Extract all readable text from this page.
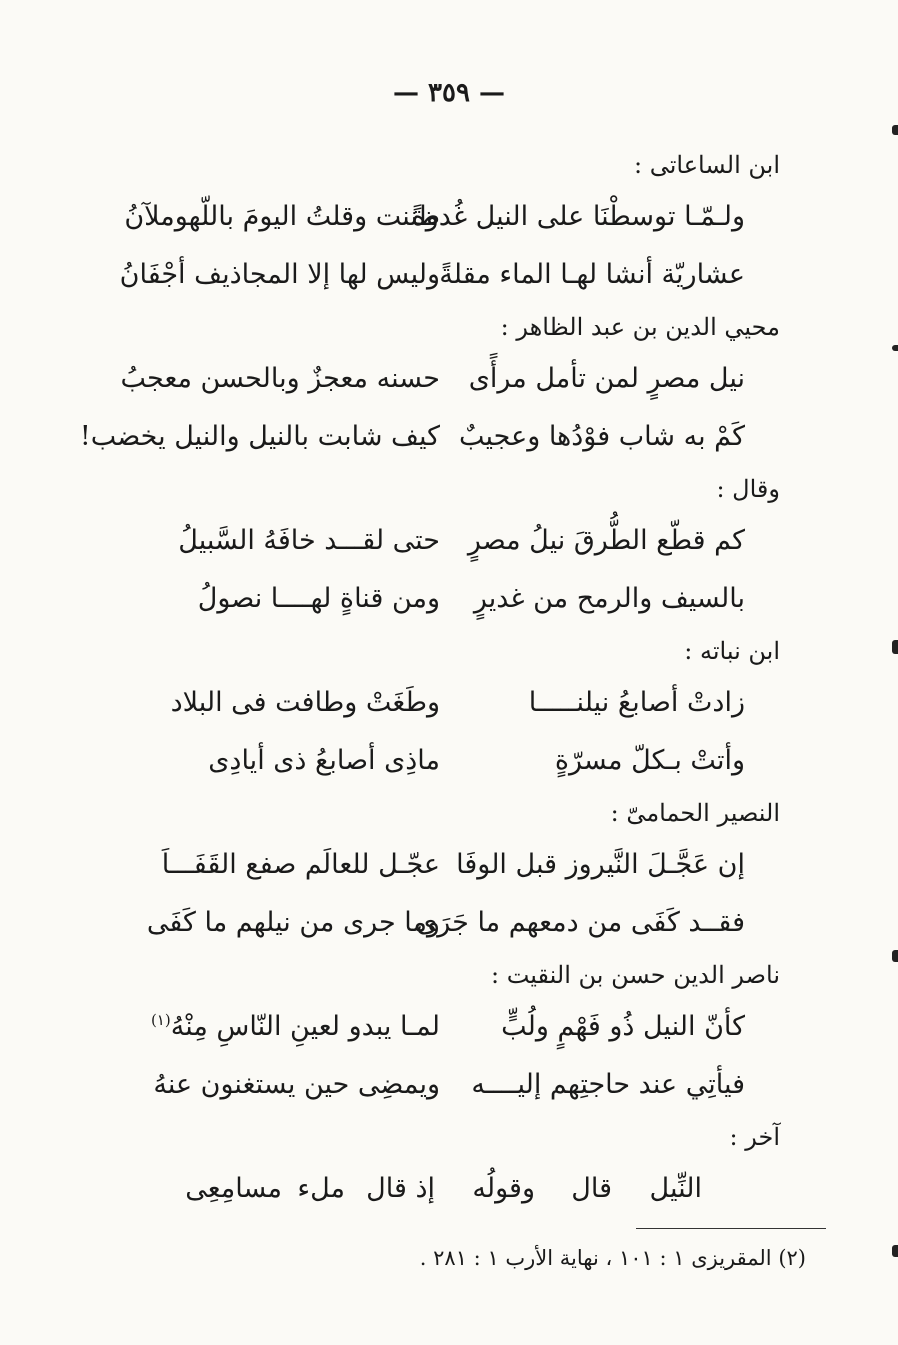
— ٣٥٩ —
ابن الساعاتى :
ولـمّـا توسطْنَا على النيل غُدوةً
ظننت وقلتُ اليومَ باللّهوملآنُ
عشاريّة أنشا لهـا الماء مقلةً
وليس لها إلا المجاذيف أجْفَانُ
محيي الدين بن عبد الظاهر :
نيل مصرٍ لمن تأمل مرأًى
حسنه معجزٌ وبالحسن معجبُ
كَمْ به شاب فوْدُها وعجيبٌ
كيف شابت بالنيل والنيل يخضب!
وقال :
كم قطّع الطُّرقَ نيلُ مصرٍ
حتى لقـــد خافَهُ السَّبيلُ
بالسيف والرمح من غديرٍ
ومن قناةٍ لهــــا نصولُ
ابن نباته :
زادتْ أصابعُ نيلنـــــا
وطَغَتْ وطافت فى البلاد
وأتتْ بـكلّ مسرّةٍ
ماذِى أصابعُ ذى أيادِى
النصير الحمامىّ :
إن عَجَّـلَ النَّيروز قبل الوفَا
عجّـل للعالَم صفع القَفَـــاَ
فقــد كَفَى من دمعهم ما جَرَى
وما جرى من نيلهم ما كَفَى
ناصر الدين حسن بن النقيت :
كأنّ النيل ذُو فَهْمٍ ولُبٍّ
لمـا يبدو لعينِ النّاسِ مِنْهُ$^{(١)}$
فيأتِي عند حاجتِهم إليــــه
ويمضِى حين يستغنون عنهُ
آخر :
النِّيل
قال
وقولُه
إذ قال
ملء
مسامِعِى
(٢) المقريزى ١ : ١٠١ ، نهاية الأرب ١ : ٢٨١ .
